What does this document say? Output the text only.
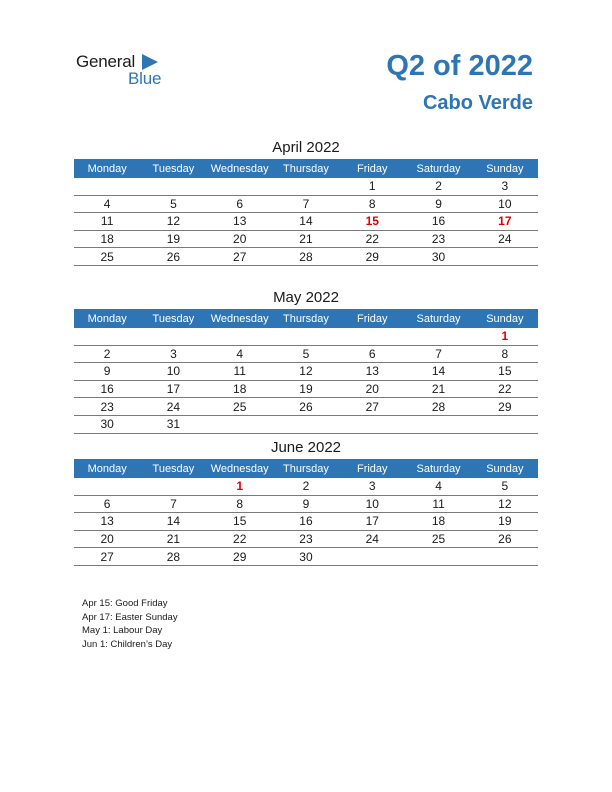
General
Blue	Q2 of 2022
Cabo Verde
April 2022
Monday	Tuesday	Wednesday	Thursday	Friday	Saturday	Sunday
				1	2	3
4	5	6	7	8	9	10
11	12	13	14	15	16	17
18	19	20	21	22	23	24
25	26	27	28	29	30	
May 2022
Monday	Tuesday	Wednesday	Thursday	Friday	Saturday	Sunday
						1
2	3	4	5	6	7	8
9	10	11	12	13	14	15
16	17	18	19	20	21	22
23	24	25	26	27	28	29
30	31					
June 2022
Monday	Tuesday	Wednesday	Thursday	Friday	Saturday	Sunday
		1	2	3	4	5
6	7	8	9	10	11	12
13	14	15	16	17	18	19
20	21	22	23	24	25	26
27	28	29	30			
Apr 15: Good Friday
Apr 17: Easter Sunday
May 1: Labour Day
Jun 1: Children’s Day
